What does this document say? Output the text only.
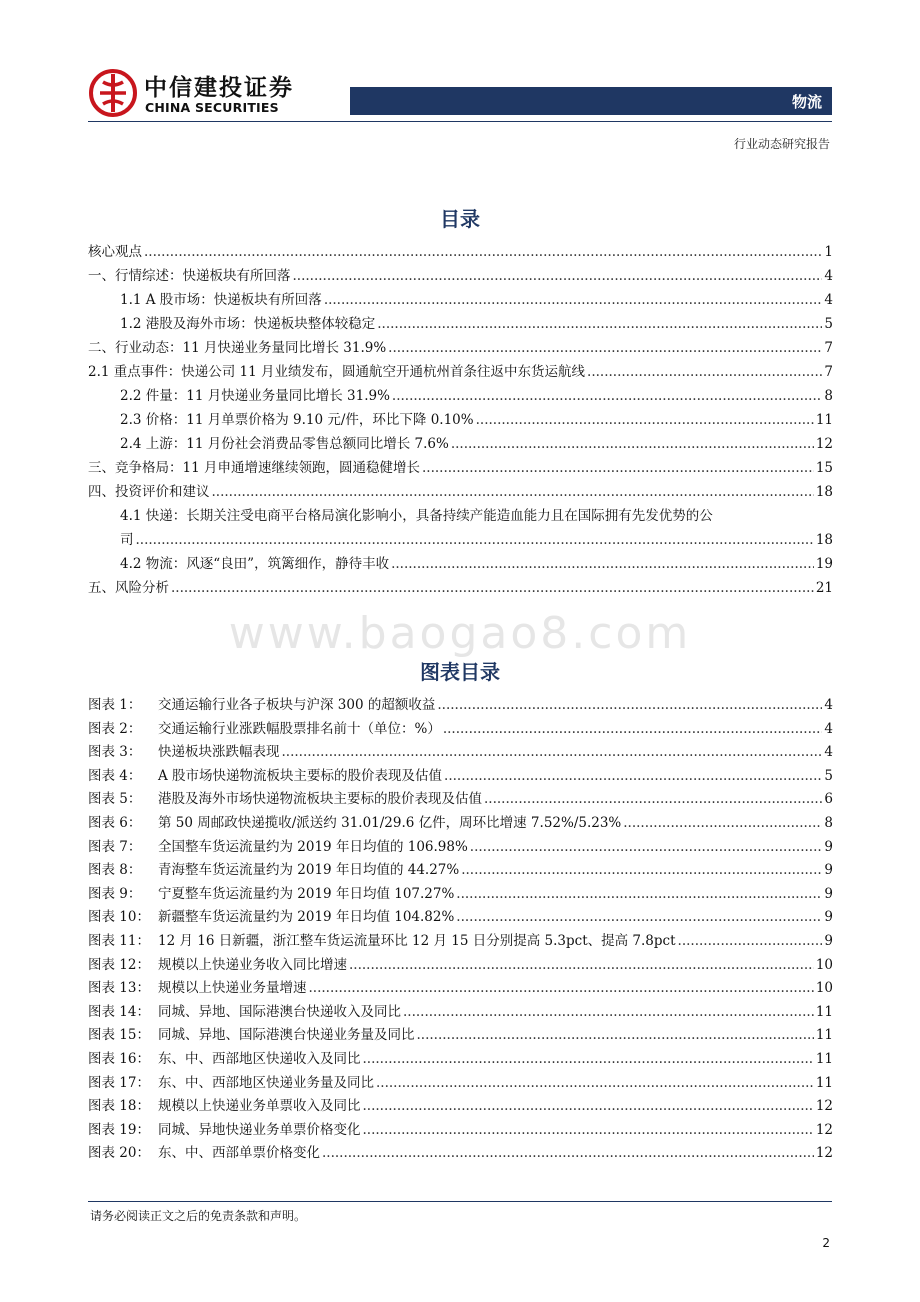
中信建投证券
CHINA SECURITIES	物流
行业动态研究报告
目录
核心观点 .....	1
一、行情综述：快递板块有所回落 .....	4
1.1 A 股市场：快递板块有所回落 .....	4
1.2 港股及海外市场：快递板块整体较稳定 .....	5
二、行业动态：11 月快递业务量同比增长 31.9% .....	7
2.1 重点事件：快递公司 11 月业绩发布，圆通航空开通杭州首条往返中东货运航线 .....	7
2.2 件量：11 月快递业务量同比增长 31.9% .....	8
2.3 价格：11 月单票价格为 9.10 元/件，环比下降 0.10% .....	11
2.4 上游：11 月份社会消费品零售总额同比增长 7.6% .....	12
三、竞争格局：11 月申通增速继续领跑，圆通稳健增长 .....	15
四、投资评价和建议 .....	18
4.1 快递：长期关注受电商平台格局演化影响小，具备持续产能造血能力且在国际拥有先发优势的公
司 .....	18
4.2 物流：风逐“良田”，筑篱细作，静待丰收 .....	19
五、风险分析 .....	21
www.baogao8.com
图表目录
图表 1： 交通运输行业各子板块与沪深 300 的超额收益 .....	4
图表 2： 交通运输行业涨跌幅股票排名前十（单位：%） .....	4
图表 3： 快递板块涨跌幅表现 .....	4
图表 4： A 股市场快递物流板块主要标的股价表现及估值 .....	5
图表 5： 港股及海外市场快递物流板块主要标的股价表现及估值 .....	6
图表 6： 第 50 周邮政快递揽收/派送约 31.01/29.6 亿件，周环比增速 7.52%/5.23% .....	8
图表 7： 全国整车货运流量约为 2019 年日均值的 106.98% .....	9
图表 8： 青海整车货运流量约为 2019 年日均值的 44.27% .....	9
图表 9： 宁夏整车货运流量约为 2019 年日均值 107.27% .....	9
图表 10： 新疆整车货运流量约为 2019 年日均值 104.82% .....	9
图表 11： 12 月 16 日新疆，浙江整车货运流量环比 12 月 15 日分别提高 5.3pct、提高 7.8pct .....	9
图表 12： 规模以上快递业务收入同比增速 .....	10
图表 13： 规模以上快递业务量增速 .....	10
图表 14： 同城、异地、国际港澳台快递收入及同比 .....	11
图表 15： 同城、异地、国际港澳台快递业务量及同比 .....	11
图表 16： 东、中、西部地区快递收入及同比 .....	11
图表 17： 东、中、西部地区快递业务量及同比 .....	11
图表 18： 规模以上快递业务单票收入及同比 .....	12
图表 19： 同城、异地快递业务单票价格变化 .....	12
图表 20： 东、中、西部单票价格变化 .....	12
请务必阅读正文之后的免责条款和声明。
2
